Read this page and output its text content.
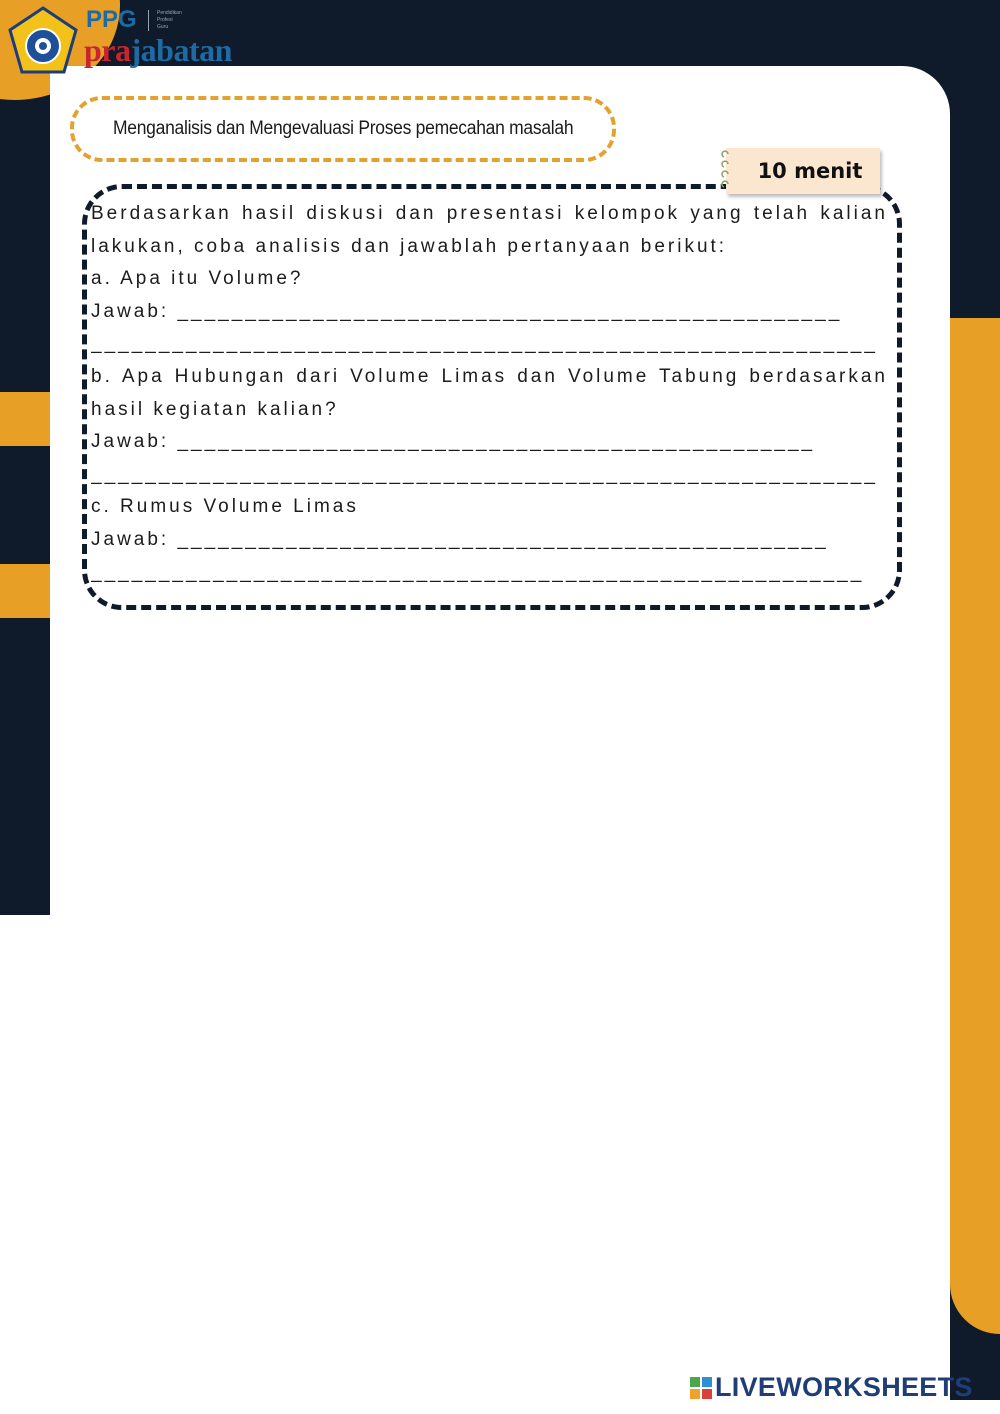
PPG	Pendidikan
Profesi
Guru
prajabatan
Menganalisis dan Mengevaluasi Proses pemecahan masalah
10 menit
Berdasarkan hasil diskusi dan presentasi kelompok yang telah kalian
lakukan, coba analisis dan jawablah pertanyaan berikut:
a. Apa itu Volume?
Jawab: _________________________________________________
__________________________________________________________
b. Apa Hubungan dari Volume Limas dan Volume Tabung berdasarkan
hasil kegiatan kalian?
Jawab: _______________________________________________
__________________________________________________________
c. Rumus Volume Limas
Jawab: ________________________________________________
_________________________________________________________
LIVEWORKSHEETS
